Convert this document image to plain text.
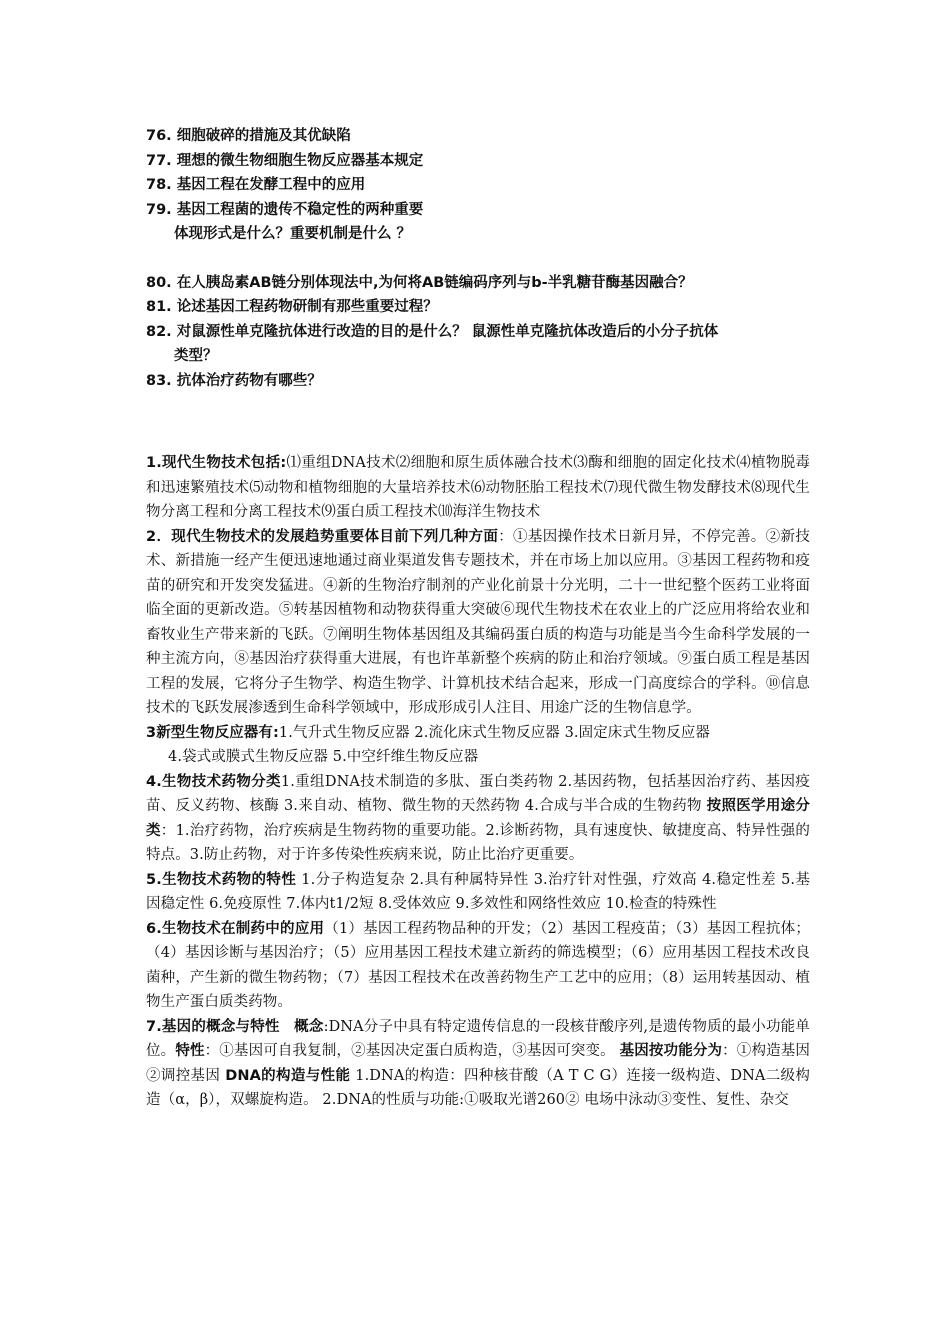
76. 细胞破碎的措施及其优缺陷
77. 理想的微生物细胞生物反应器基本规定
78. 基因工程在发酵工程中的应用
79. 基因工程菌的遗传不稳定性的两种重要
体现形式是什么？重要机制是什么 ？
80. 在人胰岛素AB链分别体现法中,为何将AB链编码序列与b-半乳糖苷酶基因融合？
81. 论述基因工程药物研制有那些重要过程？
82. 对鼠源性单克隆抗体进行改造的目的是什么？ 鼠源性单克隆抗体改造后的小分子抗体
类型？
83. 抗体治疗药物有哪些？

1.现代生物技术包括:⑴重组DNA技术⑵细胞和原生质体融合技术⑶酶和细胞的固定化技术⑷植物脱毒和迅速繁殖技术⑸动物和植物细胞的大量培养技术⑹动物胚胎工程技术⑺现代微生物发酵技术⑻现代生物分离工程和分离工程技术⑼蛋白质工程技术⑽海洋生物技术

2．现代生物技术的发展趋势重要体目前下列几种方面：①基因操作技术日新月异，不停完善。②新技术、新措施一经产生便迅速地通过商业渠道发售专题技术，并在市场上加以应用。③基因工程药物和疫苗的研究和开发突发猛进。④新的生物治疗制剂的产业化前景十分光明，二十一世纪整个医药工业将面临全面的更新改造。⑤转基因植物和动物获得重大突破⑥现代生物技术在农业上的广泛应用将给农业和畜牧业生产带来新的飞跃。⑦阐明生物体基因组及其编码蛋白质的构造与功能是当今生命科学发展的一种主流方向，⑧基因治疗获得重大进展，有也许革新整个疾病的防止和治疗领域。⑨蛋白质工程是基因工程的发展，它将分子生物学、构造生物学、计算机技术结合起来，形成一门高度综合的学科。⑩信息技术的飞跃发展渗透到生命科学领域中，形成形成引人注目、用途广泛的生物信息学。

3新型生物反应器有:1.气升式生物反应器 2.流化床式生物反应器 3.固定床式生物反应器

4.袋式或膜式生物反应器 5.中空纤维生物反应器

4.生物技术药物分类1.重组DNA技术制造的多肽、蛋白类药物 2.基因药物，包括基因治疗药、基因疫苗、反义药物、核酶 3.来自动、植物、微生物的天然药物 4.合成与半合成的生物药物 按照医学用途分类：1.治疗药物，治疗疾病是生物药物的重要功能。2.诊断药物，具有速度快、敏捷度高、特异性强的特点。3.防止药物，对于许多传染性疾病来说，防止比治疗更重要。

5.生物技术药物的特性 1.分子构造复杂 2.具有种属特异性 3.治疗针对性强，疗效高 4.稳定性差 5.基因稳定性 6.免疫原性 7.体内t1/2短 8.受体效应 9.多效性和网络性效应 10.检查的特殊性

6.生物技术在制药中的应用（1）基因工程药物品种的开发；（2）基因工程疫苗；（3）基因工程抗体；（4）基因诊断与基因治疗；（5）应用基因工程技术建立新药的筛选模型；（6）应用基因工程技术改良菌种，产生新的微生物药物；（7）基因工程技术在改善药物生产工艺中的应用；（8）运用转基因动、植物生产蛋白质类药物。

7.基因的概念与特性 概念:DNA分子中具有特定遗传信息的一段核苷酸序列,是遗传物质的最小功能单位。特性：①基因可自我复制，②基因决定蛋白质构造，③基因可突变。 基因按功能分为：①构造基因 ②调控基因 DNA的构造与性能 1.DNA的构造：四种核苷酸（A T C G）连接一级构造、DNA二级构造（α，β），双螺旋构造。 2.DNA的性质与功能:①吸取光谱260② 电场中泳动③变性、复性、杂交
